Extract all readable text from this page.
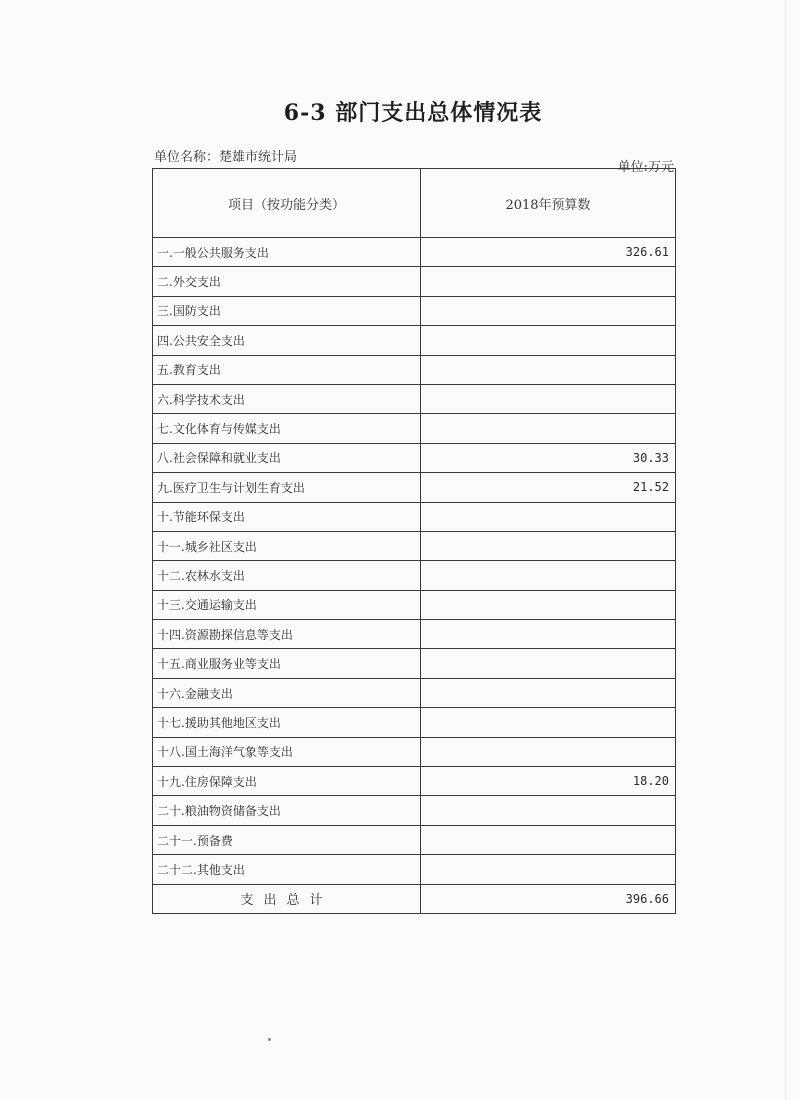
6-3 部门支出总体情况表
单位名称：楚雄市统计局
单位:万元
项目（按功能分类）	2018年预算数
一.一般公共服务支出	326.61
二.外交支出	
三.国防支出	
四.公共安全支出	
五.教育支出	
六.科学技术支出	
七.文化体育与传媒支出	
八.社会保障和就业支出	30.33
九.医疗卫生与计划生育支出	21.52
十.节能环保支出	
十一.城乡社区支出	
十二.农林水支出	
十三.交通运输支出	
十四.资源勘探信息等支出	
十五.商业服务业等支出	
十六.金融支出	
十七.援助其他地区支出	
十八.国土海洋气象等支出	
十九.住房保障支出	18.20
二十.粮油物资储备支出	
二十一.预备费	
二十二.其他支出	
支出总计	396.66
